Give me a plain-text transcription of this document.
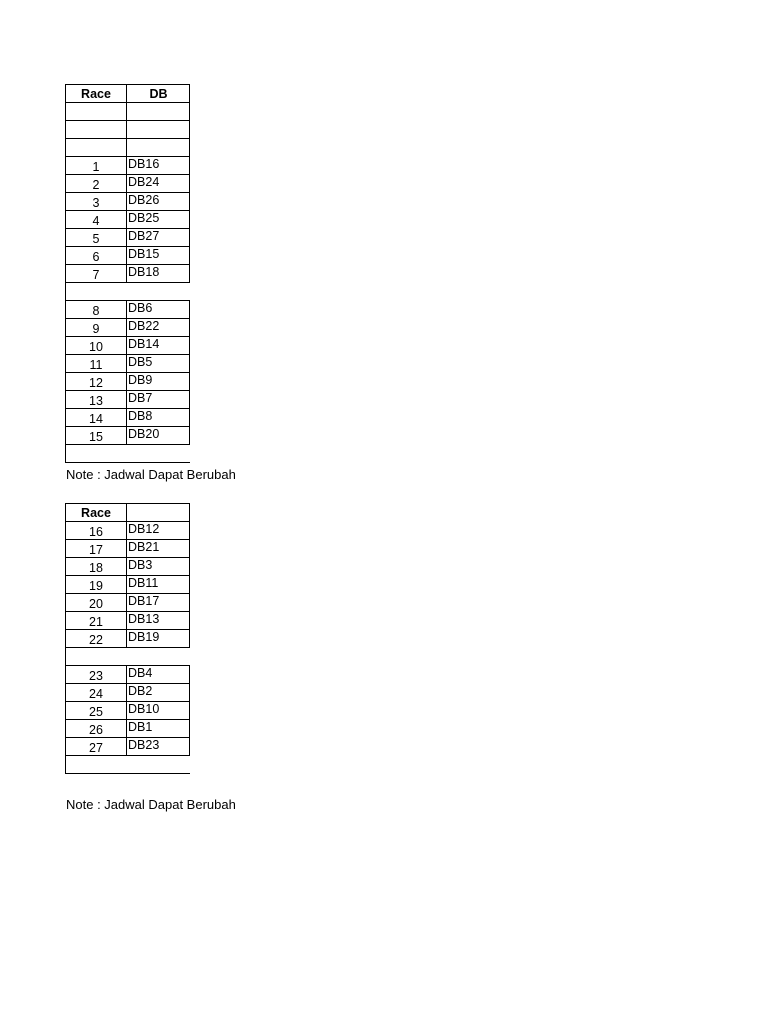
Race	DB

1	DB16
2	DB24
3	DB26
4	DB25
5	DB27
6	DB15
7	DB18

8	DB6
9	DB22
10	DB14
11	DB5
12	DB9
13	DB7
14	DB8
15	DB20

Note : Jadwal Dapat Berubah
Race	
16	DB12
17	DB21
18	DB3
19	DB11
20	DB17
21	DB13
22	DB19

23	DB4
24	DB2
25	DB10
26	DB1
27	DB23

Note : Jadwal Dapat Berubah
